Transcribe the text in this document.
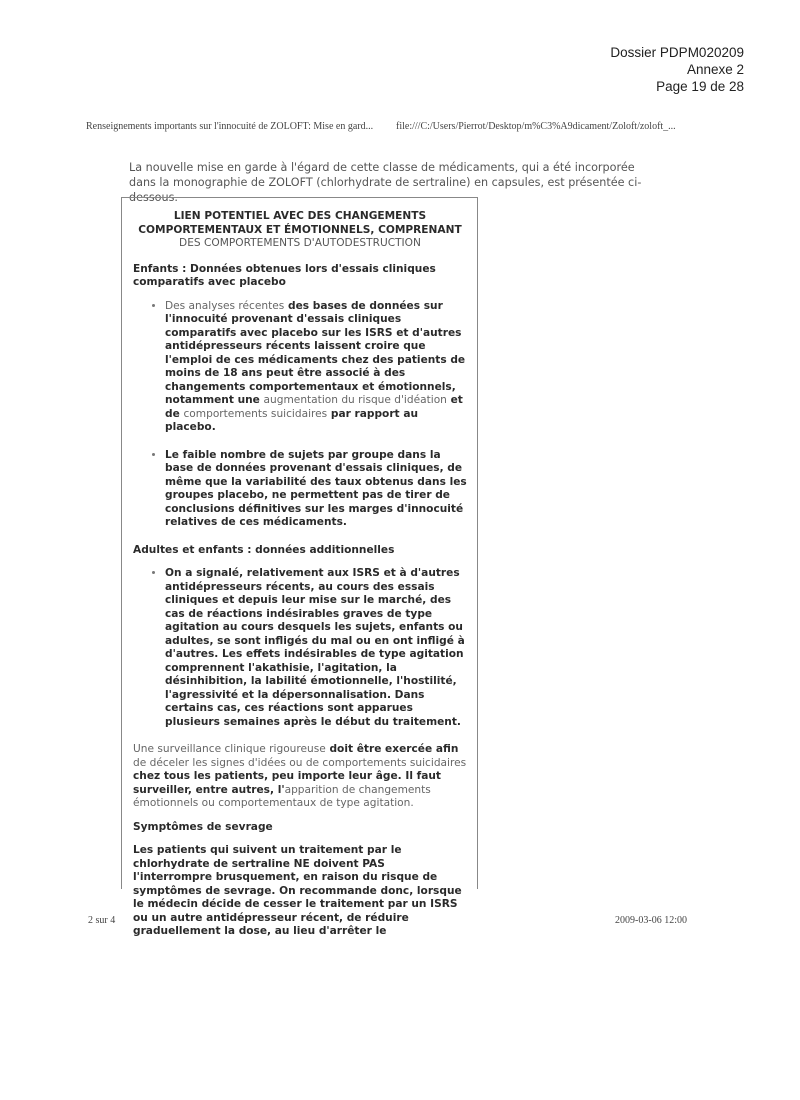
Dossier PDPM020209
Annexe 2
Page 19 de 28
Renseignements importants sur l'innocuité de ZOLOFT: Mise en gard... file:///C:/Users/Pierrot/Desktop/m%C3%A9dicament/Zoloft/zoloft_...
La nouvelle mise en garde à l'égard de cette classe de médicaments, qui a été incorporée dans la monographie de ZOLOFT (chlorhydrate de sertraline) en capsules, est présentée ci-dessous.
LIEN POTENTIEL AVEC DES CHANGEMENTS
COMPORTEMENTAUX ET ÉMOTIONNELS, COMPRENANT
DES COMPORTEMENTS D'AUTODESTRUCTION
Enfants : Données obtenues lors d'essais cliniques comparatifs avec placebo
• Des analyses récentes des bases de données sur l'innocuité provenant d'essais cliniques comparatifs avec placebo sur les ISRS et d'autres antidépresseurs récents laissent croire que l'emploi de ces médicaments chez des patients de moins de 18 ans peut être associé à des changements comportementaux et émotionnels, notamment une augmentation du risque d'idéation et de comportements suicidaires par rapport au placebo.
• Le faible nombre de sujets par groupe dans la base de données provenant d'essais cliniques, de même que la variabilité des taux obtenus dans les groupes placebo, ne permettent pas de tirer de conclusions définitives sur les marges d'innocuité relatives de ces médicaments.
Adultes et enfants : données additionnelles
• On a signalé, relativement aux ISRS et à d'autres antidépresseurs récents, au cours des essais cliniques et depuis leur mise sur le marché, des cas de réactions indésirables graves de type agitation au cours desquels les sujets, enfants ou adultes, se sont infligés du mal ou en ont infligé à d'autres. Les effets indésirables de type agitation comprennent l'akathisie, l'agitation, la désinhibition, la labilité émotionnelle, l'hostilité, l'agressivité et la dépersonnalisation. Dans certains cas, ces réactions sont apparues plusieurs semaines après le début du traitement.
Une surveillance clinique rigoureuse doit être exercée afin de déceler les signes d'idées ou de comportements suicidaires chez tous les patients, peu importe leur âge. Il faut surveiller, entre autres, l'apparition de changements émotionnels ou comportementaux de type agitation.
Symptômes de sevrage
Les patients qui suivent un traitement par le chlorhydrate de sertraline NE doivent PAS l'interrompre brusquement, en raison du risque de symptômes de sevrage. On recommande donc, lorsque le médecin décide de cesser le traitement par un ISRS ou un autre antidépresseur récent, de réduire graduellement la dose, au lieu d'arrêter le
2 sur 4	2009-03-06 12:00
